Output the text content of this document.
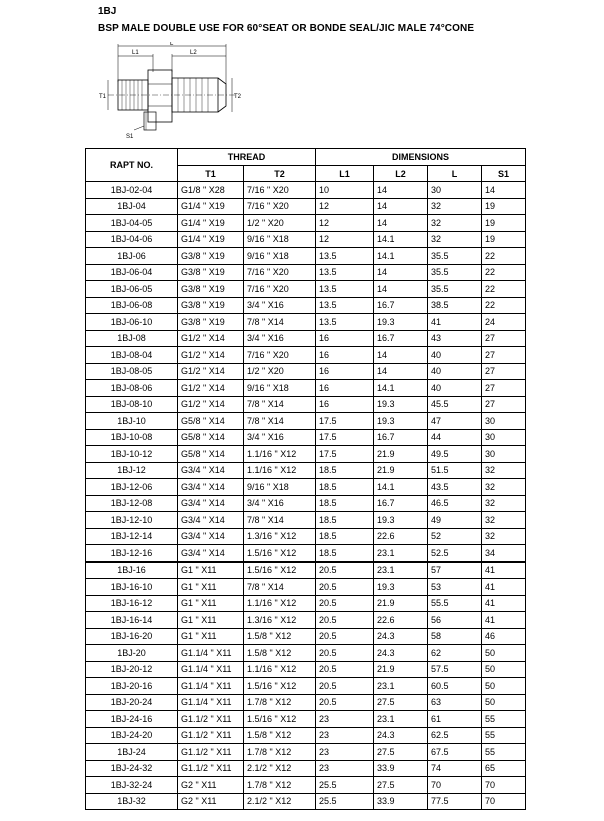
1BJ
BSP MALE DOUBLE USE FOR 60°SEAT OR BONDE SEAL/JIC MALE 74°CONE
L
L1	L2
T1	T2
S1
RAPT NO.	THREAD		DIMENSIONS			
	T1	T2	L1	L2	L	S1
1BJ-02-04	G1/8 " X28	7/16 " X20	10	14	30	14
1BJ-04	G1/4 " X19	7/16 " X20	12	14	32	19
1BJ-04-05	G1/4 " X19	1/2 " X20	12	14	32	19
1BJ-04-06	G1/4 " X19	9/16 " X18	12	14.1	32	19
1BJ-06	G3/8 " X19	9/16 " X18	13.5	14.1	35.5	22
1BJ-06-04	G3/8 " X19	7/16 " X20	13.5	14	35.5	22
1BJ-06-05	G3/8 " X19	7/16 " X20	13.5	14	35.5	22
1BJ-06-08	G3/8 " X19	3/4 " X16	13.5	16.7	38.5	22
1BJ-06-10	G3/8 " X19	7/8 " X14	13.5	19.3	41	24
1BJ-08	G1/2 " X14	3/4 " X16	16	16.7	43	27
1BJ-08-04	G1/2 " X14	7/16 " X20	16	14	40	27
1BJ-08-05	G1/2 " X14	1/2 " X20	16	14	40	27
1BJ-08-06	G1/2 " X14	9/16 " X18	16	14.1	40	27
1BJ-08-10	G1/2 " X14	7/8 " X14	16	19.3	45.5	27
1BJ-10	G5/8 " X14	7/8 " X14	17.5	19.3	47	30
1BJ-10-08	G5/8 " X14	3/4 " X16	17.5	16.7	44	30
1BJ-10-12	G5/8 " X14	1.1/16 " X12	17.5	21.9	49.5	30
1BJ-12	G3/4 " X14	1.1/16 " X12	18.5	21.9	51.5	32
1BJ-12-06	G3/4 " X14	9/16 " X18	18.5	14.1	43.5	32
1BJ-12-08	G3/4 " X14	3/4 " X16	18.5	16.7	46.5	32
1BJ-12-10	G3/4 " X14	7/8 " X14	18.5	19.3	49	32
1BJ-12-14	G3/4 " X14	1.3/16 " X12	18.5	22.6	52	32
1BJ-12-16	G3/4 " X14	1.5/16 " X12	18.5	23.1	52.5	34
1BJ-16	G1 " X11	1.5/16 " X12	20.5	23.1	57	41
1BJ-16-10	G1 " X11	7/8 " X14	20.5	19.3	53	41
1BJ-16-12	G1 " X11	1.1/16 " X12	20.5	21.9	55.5	41
1BJ-16-14	G1 " X11	1.3/16 " X12	20.5	22.6	56	41
1BJ-16-20	G1 " X11	1.5/8 " X12	20.5	24.3	58	46
1BJ-20	G1.1/4 " X11	1.5/8 " X12	20.5	24.3	62	50
1BJ-20-12	G1.1/4 " X11	1.1/16 " X12	20.5	21.9	57.5	50
1BJ-20-16	G1.1/4 " X11	1.5/16 " X12	20.5	23.1	60.5	50
1BJ-20-24	G1.1/4 " X11	1.7/8 " X12	20.5	27.5	63	50
1BJ-24-16	G1.1/2 " X11	1.5/16 " X12	23	23.1	61	55
1BJ-24-20	G1.1/2 " X11	1.5/8 " X12	23	24.3	62.5	55
1BJ-24	G1.1/2 " X11	1.7/8 " X12	23	27.5	67.5	55
1BJ-24-32	G1.1/2 " X11	2.1/2 " X12	23	33.9	74	65
1BJ-32-24	G2 " X11	1.7/8 " X12	25.5	27.5	70	70
1BJ-32	G2 " X11	2.1/2 " X12	25.5	33.9	77.5	70
